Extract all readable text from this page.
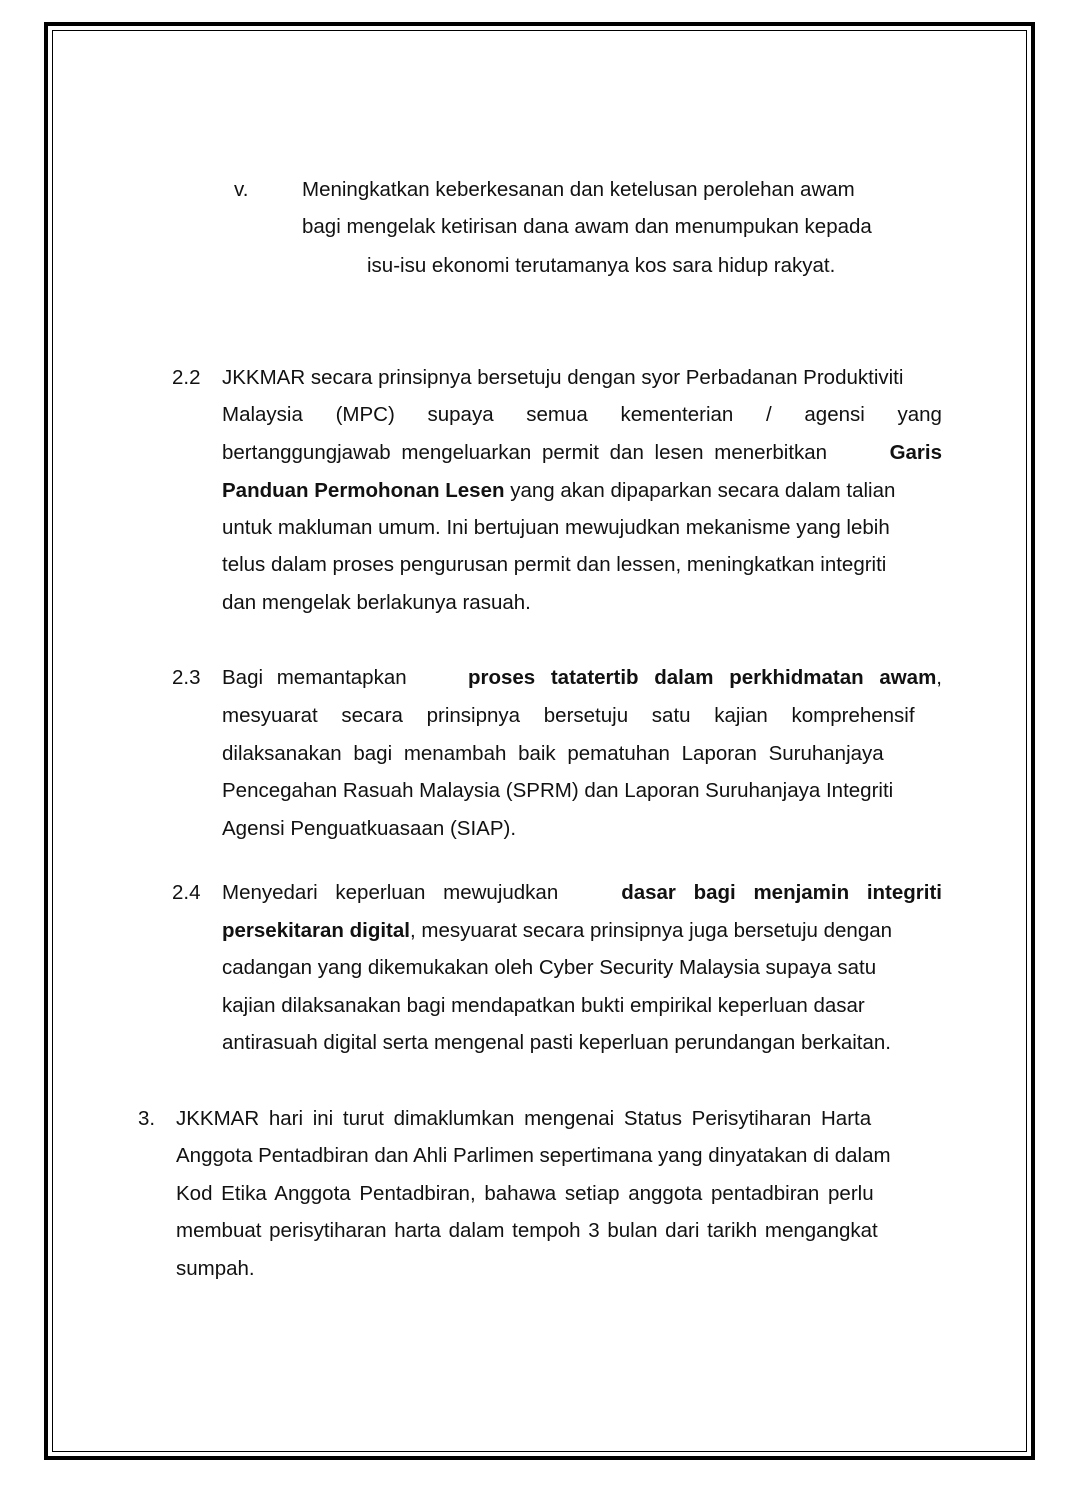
v.	Meningkatkan keberkesanan dan ketelusan perolehan awam
bagi mengelak ketirisan dana awam dan menumpukan kepada
isu-isu ekonomi terutamanya kos sara hidup rakyat.
2.2 JKKMAR secara prinsipnya bersetuju dengan syor Perbadanan Produktiviti
Malaysia (MPC) supaya semua kementerian / agensi yang
bertanggungjawab mengeluarkan permit dan lesen menerbitkan	Garis
Panduan Permohonan Lesen yang akan dipaparkan secara dalam talian
untuk makluman umum. Ini bertujuan mewujudkan mekanisme yang lebih
telus dalam proses pengurusan permit dan lessen, meningkatkan integriti
dan mengelak berlakunya rasuah.
2.3 Bagi memantapkan	proses tatatertib dalam perkhidmatan awam,
mesyuarat secara prinsipnya bersetuju satu kajian komprehensif
dilaksanakan bagi menambah baik pematuhan Laporan Suruhanjaya
Pencegahan Rasuah Malaysia (SPRM) dan Laporan Suruhanjaya Integriti
Agensi Penguatkuasaan (SIAP).
2.4 Menyedari keperluan mewujudkan	dasar bagi menjamin integriti
persekitaran digital, mesyuarat secara prinsipnya juga bersetuju dengan
cadangan yang dikemukakan oleh Cyber Security Malaysia supaya satu
kajian dilaksanakan bagi mendapatkan bukti empirikal keperluan dasar
antirasuah digital serta mengenal pasti keperluan perundangan berkaitan.
3. JKKMAR hari ini turut dimaklumkan mengenai Status Perisytiharan Harta
Anggota Pentadbiran dan Ahli Parlimen sepertimana yang dinyatakan di dalam
Kod Etika Anggota Pentadbiran, bahawa setiap anggota pentadbiran perlu
membuat perisytiharan harta dalam tempoh 3 bulan dari tarikh mengangkat
sumpah.
